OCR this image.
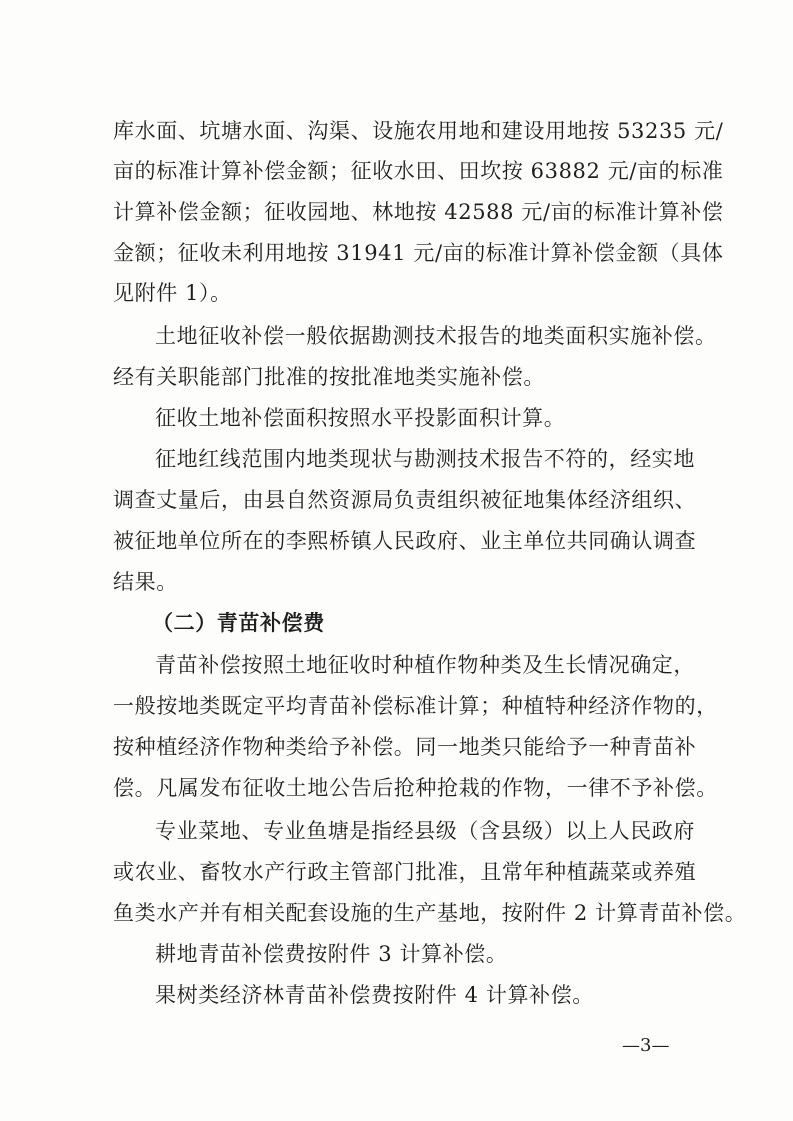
库水面、坑塘水面、沟渠、设施农用地和建设用地按 53235 元/
亩的标准计算补偿金额；征收水田、田坎按 63882 元/亩的标准
计算补偿金额；征收园地、林地按 42588 元/亩的标准计算补偿
金额；征收未利用地按 31941 元/亩的标准计算补偿金额（具体
见附件 1）。
土地征收补偿一般依据勘测技术报告的地类面积实施补偿。
经有关职能部门批准的按批准地类实施补偿。
征收土地补偿面积按照水平投影面积计算。
征地红线范围内地类现状与勘测技术报告不符的，经实地
调查丈量后，由县自然资源局负责组织被征地集体经济组织、
被征地单位所在的李熙桥镇人民政府、业主单位共同确认调查
结果。
（二）青苗补偿费
青苗补偿按照土地征收时种植作物种类及生长情况确定，
一般按地类既定平均青苗补偿标准计算；种植特种经济作物的，
按种植经济作物种类给予补偿。同一地类只能给予一种青苗补
偿。凡属发布征收土地公告后抢种抢栽的作物，一律不予补偿。
专业菜地、专业鱼塘是指经县级（含县级）以上人民政府
或农业、畜牧水产行政主管部门批准，且常年种植蔬菜或养殖
鱼类水产并有相关配套设施的生产基地，按附件 2 计算青苗补偿。
耕地青苗补偿费按附件 3 计算补偿。
果树类经济林青苗补偿费按附件 4 计算补偿。
—3—
